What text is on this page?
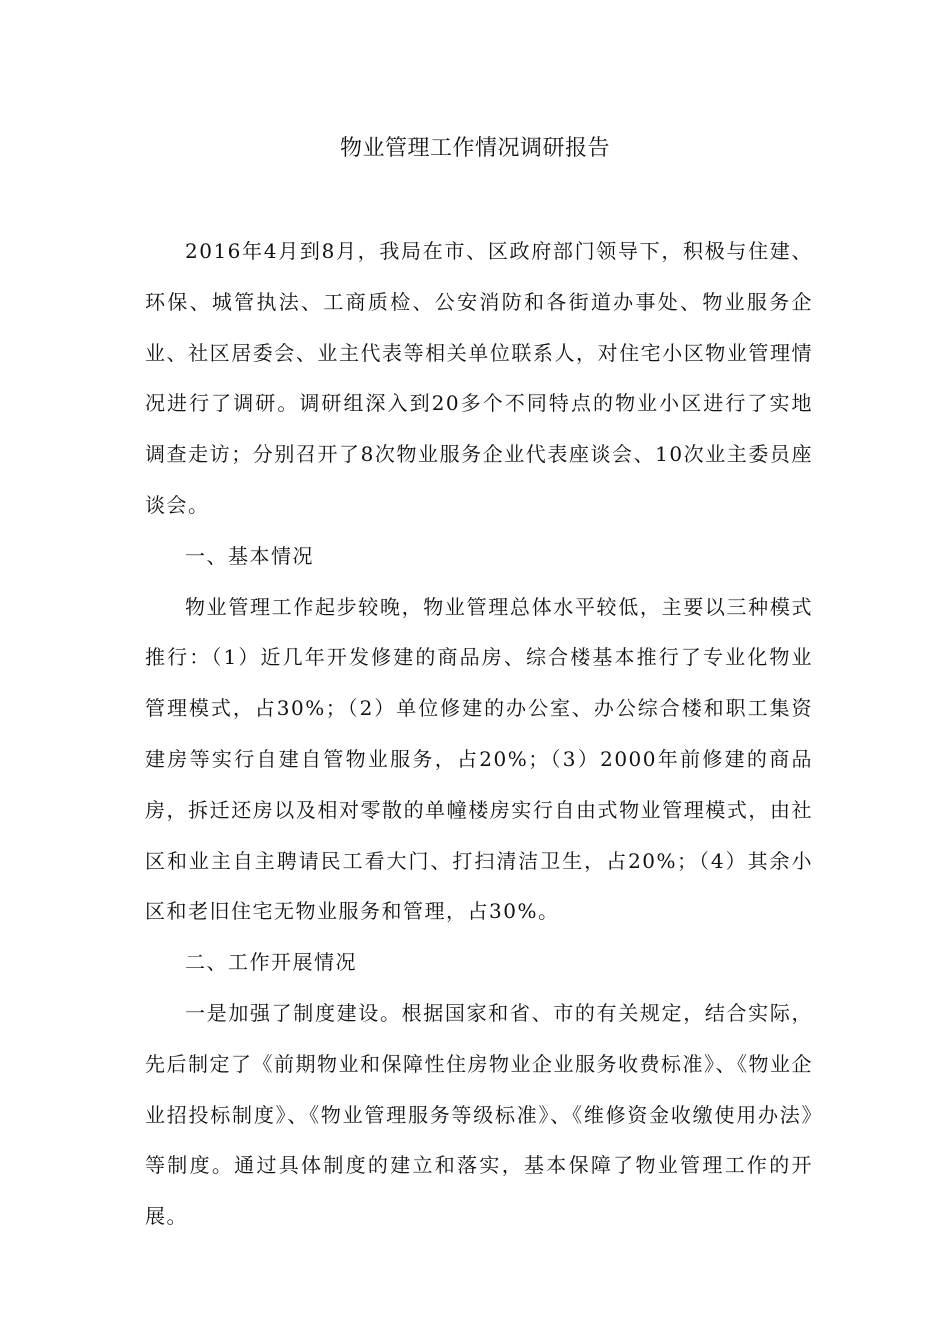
物业管理工作情况调研报告

2016年4月到8月，我局在市、区政府部门领导下，积极与住建、环保、城管执法、工商质检、公安消防和各街道办事处、物业服务企业、社区居委会、业主代表等相关单位联系人，对住宅小区物业管理情况进行了调研。调研组深入到20多个不同特点的物业小区进行了实地调查走访；分别召开了8次物业服务企业代表座谈会、10次业主委员座谈会。

一、基本情况

物业管理工作起步较晚，物业管理总体水平较低，主要以三种模式推行：（1）近几年开发修建的商品房、综合楼基本推行了专业化物业管理模式，占30%；（2）单位修建的办公室、办公综合楼和职工集资建房等实行自建自管物业服务，占20%；（3）2000年前修建的商品房，拆迁还房以及相对零散的单幢楼房实行自由式物业管理模式，由社区和业主自主聘请民工看大门、打扫清洁卫生，占20%；（4）其余小区和老旧住宅无物业服务和管理，占30%。

二、工作开展情况

一是加强了制度建设。根据国家和省、市的有关规定，结合实际，先后制定了《前期物业和保障性住房物业企业服务收费标准》、《物业企业招投标制度》、《物业管理服务等级标准》、《维修资金收缴使用办法》等制度。通过具体制度的建立和落实，基本保障了物业管理工作的开展。
